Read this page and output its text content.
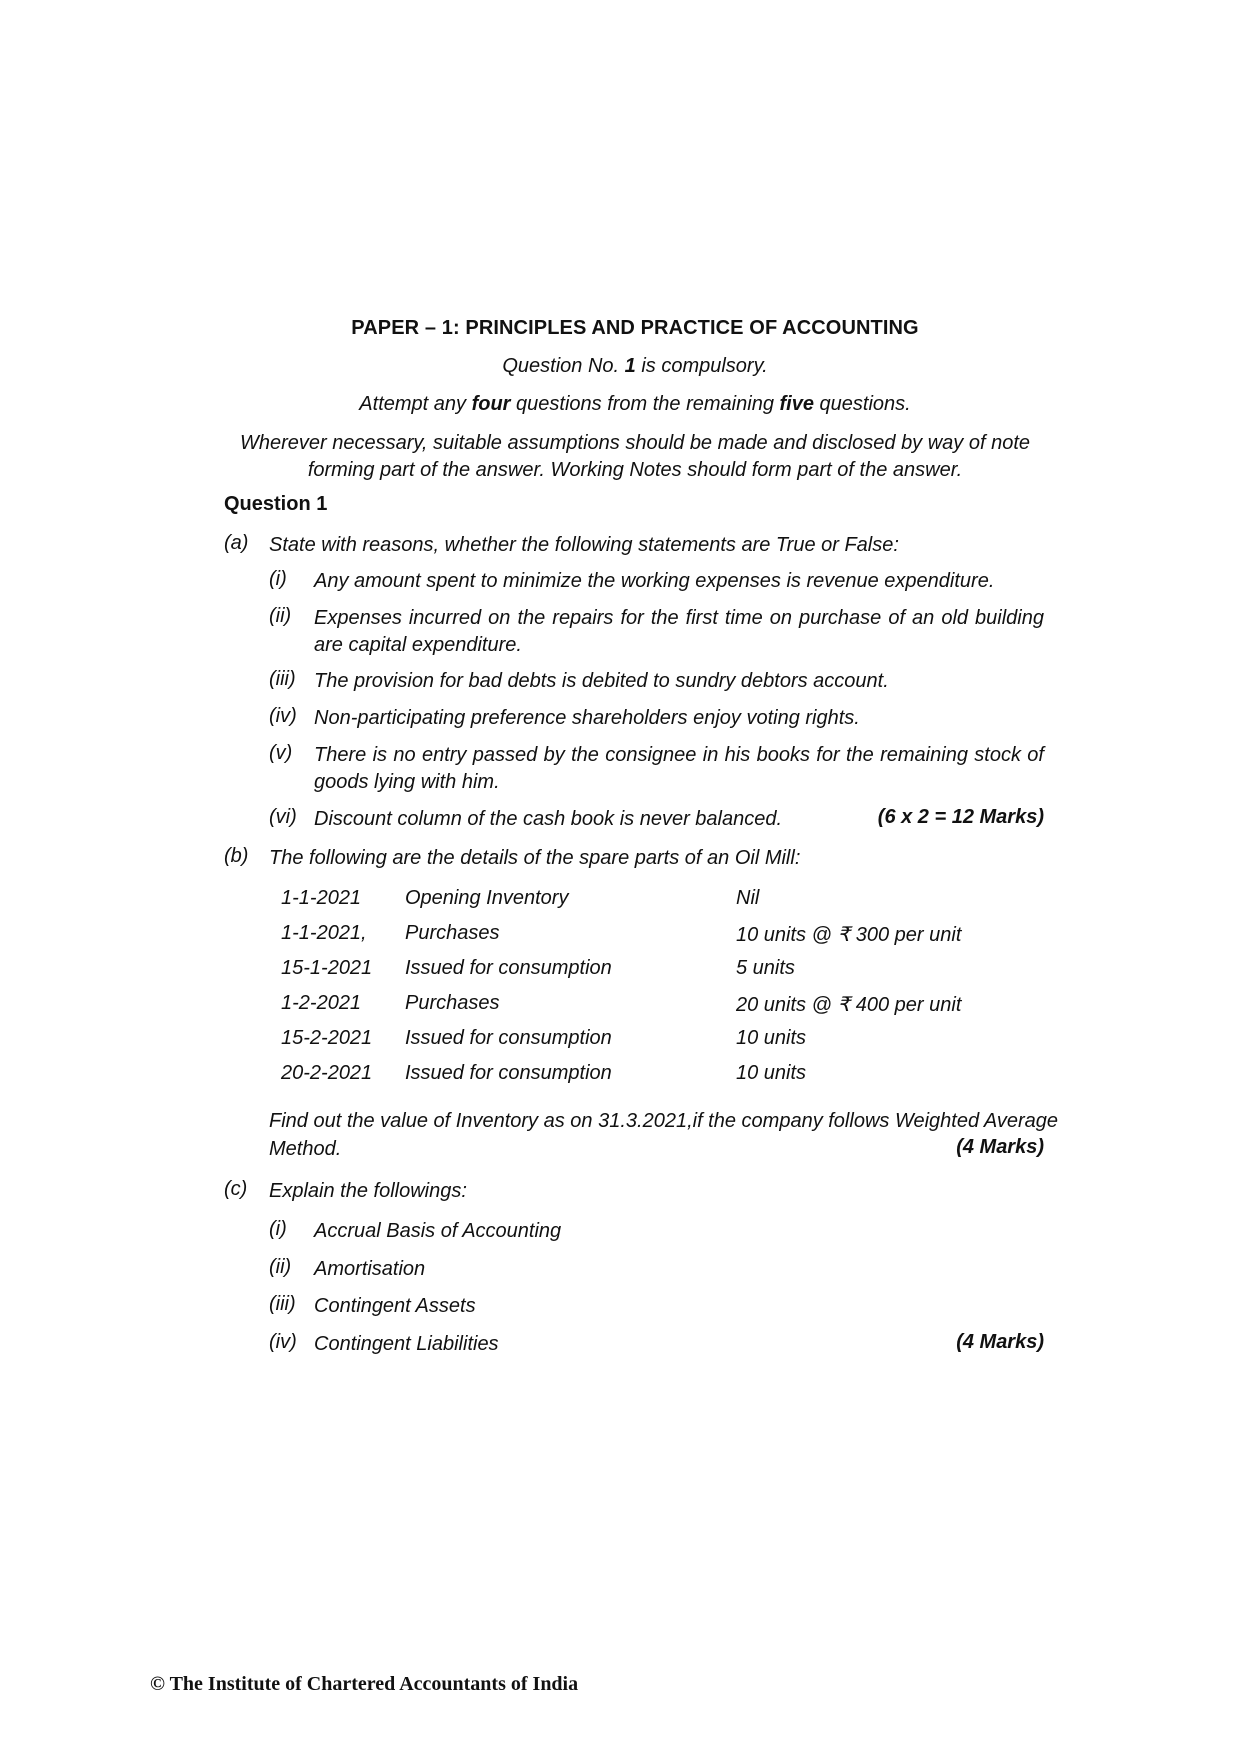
PAPER – 1: PRINCIPLES AND PRACTICE OF ACCOUNTING
Question No. 1 is compulsory.
Attempt any four questions from the remaining five questions.
Wherever necessary, suitable assumptions should be made and disclosed by way of note
forming part of the answer. Working Notes should form part of the answer.
Question 1
(a) State with reasons, whether the following statements are True or False:
(i) Any amount spent to minimize the working expenses is revenue expenditure.
(ii) Expenses incurred on the repairs for the first time on purchase of an old building are capital expenditure.
(iii) The provision for bad debts is debited to sundry debtors account.
(iv) Non-participating preference shareholders enjoy voting rights.
(v) There is no entry passed by the consignee in his books for the remaining stock of goods lying with him.
(vi) Discount column of the cash book is never balanced.	(6 x 2 = 12 Marks)
(b) The following are the details of the spare parts of an Oil Mill:
1-1-2021 Opening Inventory	Nil
1-1-2021, Purchases	10 units @ ₹ 300 per unit
15-1-2021 Issued for consumption	5 units
1-2-2021 Purchases	20 units @ ₹ 400 per unit
15-2-2021 Issued for consumption	10 units
20-2-2021 Issued for consumption	10 units
Find out the value of Inventory as on 31.3.2021,if the company follows Weighted Average
Method.	(4 Marks)
(c) Explain the followings:
(i) Accrual Basis of Accounting
(ii) Amortisation
(iii) Contingent Assets
(iv) Contingent Liabilities	(4 Marks)
© The Institute of Chartered Accountants of India
